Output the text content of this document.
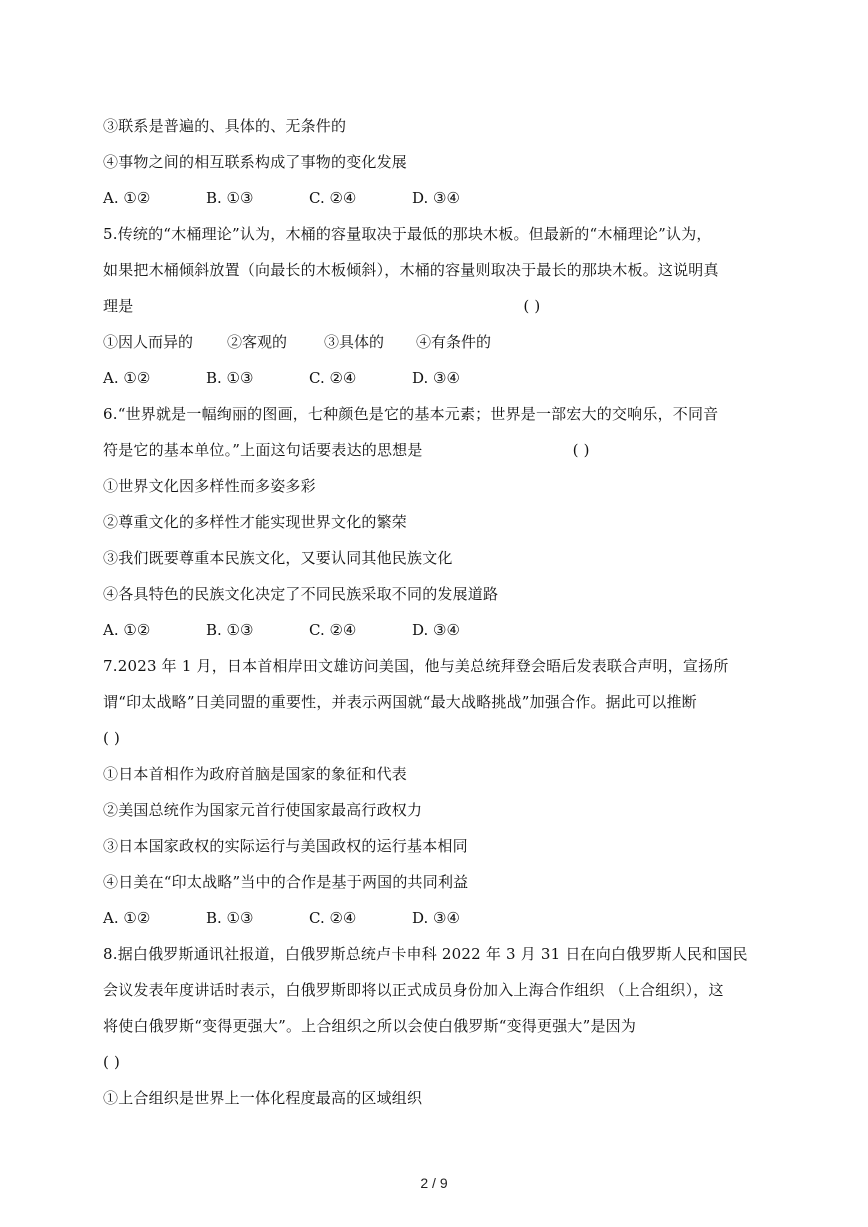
③联系是普遍的、具体的、无条件的
④事物之间的相互联系构成了事物的变化发展
A. ①②	B. ①③	C. ②④	D. ③④
5.传统的“木桶理论”认为，木桶的容量取决于最低的那块木板。但最新的“木桶理论”认为，
如果把木桶倾斜放置（向最长的木板倾斜），木桶的容量则取决于最长的那块木板。这说明真
理是	( )
①因人而异的	②客观的	③具体的	④有条件的
A. ①②	B. ①③	C. ②④	D. ③④
6.“世界就是一幅绚丽的图画，七种颜色是它的基本元素；世界是一部宏大的交响乐，不同音
符是它的基本单位。”上面这句话要表达的思想是	( )
①世界文化因多样性而多姿多彩
②尊重文化的多样性才能实现世界文化的繁荣
③我们既要尊重本民族文化，又要认同其他民族文化
④各具特色的民族文化决定了不同民族采取不同的发展道路
A. ①②	B. ①③	C. ②④	D. ③④
7.2023 年 1 月，日本首相岸田文雄访问美国，他与美总统拜登会晤后发表联合声明，宣扬所
谓“印太战略”日美同盟的重要性，并表示两国就“最大战略挑战”加强合作。据此可以推断
( )
①日本首相作为政府首脑是国家的象征和代表
②美国总统作为国家元首行使国家最高行政权力
③日本国家政权的实际运行与美国政权的运行基本相同
④日美在“印太战略”当中的合作是基于两国的共同利益
A. ①②	B. ①③	C. ②④	D. ③④
8.据白俄罗斯通讯社报道，白俄罗斯总统卢卡申科 2022 年 3 月 31 日在向白俄罗斯人民和国民
会议发表年度讲话时表示，白俄罗斯即将以正式成员身份加入上海合作组织 （上合组织），这
将使白俄罗斯“变得更强大”。上合组织之所以会使白俄罗斯“变得更强大”是因为
( )
①上合组织是世界上一体化程度最高的区域组织
2 / 9
